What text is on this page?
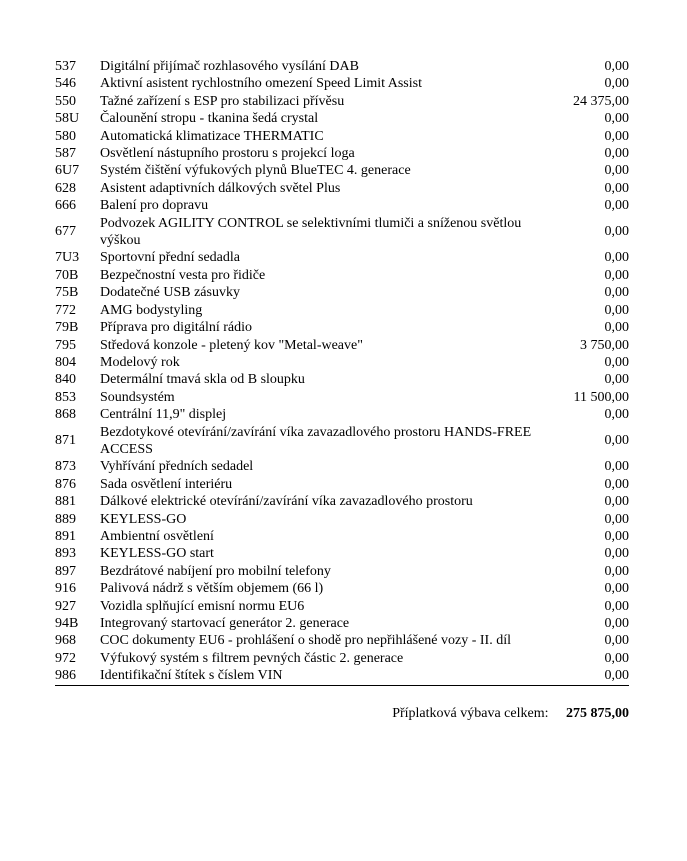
537	Digitální přijímač rozhlasového vysílání DAB	0,00
546	Aktivní asistent rychlostního omezení Speed Limit Assist	0,00
550	Tažné zařízení s ESP pro stabilizaci přívěsu	24 375,00
58U	Čalounění stropu - tkanina šedá crystal	0,00
580	Automatická klimatizace THERMATIC	0,00
587	Osvětlení nástupního prostoru s projekcí loga	0,00
6U7	Systém čištění výfukových plynů BlueTEC 4. generace	0,00
628	Asistent adaptivních dálkových světel Plus	0,00
666	Balení pro dopravu	0,00
677	Podvozek AGILITY CONTROL se selektivními tlumiči a sníženou světlou výškou	0,00
7U3	Sportovní přední sedadla	0,00
70B	Bezpečnostní vesta pro řidiče	0,00
75B	Dodatečné USB zásuvky	0,00
772	AMG bodystyling	0,00
79B	Příprava pro digitální rádio	0,00
795	Středová konzole - pletený kov "Metal-weave"	3 750,00
804	Modelový rok	0,00
840	Determální tmavá skla od B sloupku	0,00
853	Soundsystém	11 500,00
868	Centrální 11,9" displej	0,00
871	Bezdotykové otevírání/zavírání víka zavazadlového prostoru HANDS-FREE ACCESS	0,00
873	Vyhřívání předních sedadel	0,00
876	Sada osvětlení interiéru	0,00
881	Dálkové elektrické otevírání/zavírání víka zavazadlového prostoru	0,00
889	KEYLESS-GO	0,00
891	Ambientní osvětlení	0,00
893	KEYLESS-GO start	0,00
897	Bezdrátové nabíjení pro mobilní telefony	0,00
916	Palivová nádrž s větším objemem (66 l)	0,00
927	Vozidla splňující emisní normu EU6	0,00
94B	Integrovaný startovací generátor 2. generace	0,00
968	COC dokumenty EU6 - prohlášení o shodě pro nepřihlášené vozy - II. díl	0,00
972	Výfukový systém s filtrem pevných částic 2. generace	0,00
986	Identifikační štítek s číslem VIN	0,00
Příplatková výbava celkem: 275 875,00
